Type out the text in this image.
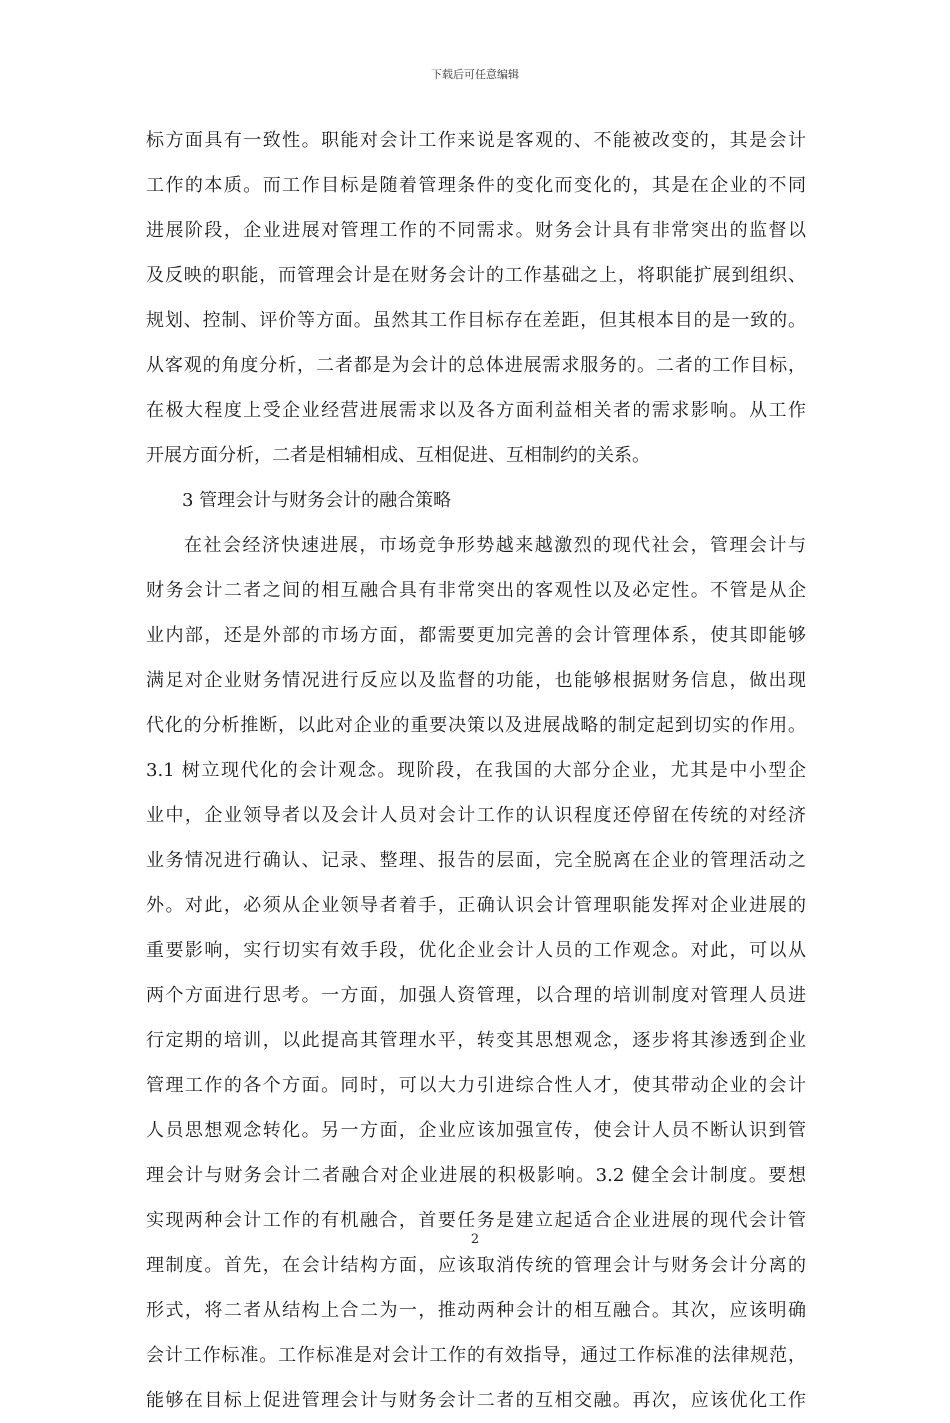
下载后可任意编辑
标方面具有一致性。职能对会计工作来说是客观的、不能被改变的，其是会计
工作的本质。而工作目标是随着管理条件的变化而变化的，其是在企业的不同
进展阶段，企业进展对管理工作的不同需求。财务会计具有非常突出的监督以
及反映的职能，而管理会计是在财务会计的工作基础之上，将职能扩展到组织、
规划、控制、评价等方面。虽然其工作目标存在差距，但其根本目的是一致的。
从客观的角度分析，二者都是为会计的总体进展需求服务的。二者的工作目标，
在极大程度上受企业经营进展需求以及各方面利益相关者的需求影响。从工作
开展方面分析，二者是相辅相成、互相促进、互相制约的关系。
3 管理会计与财务会计的融合策略
在社会经济快速进展，市场竞争形势越来越激烈的现代社会，管理会计与
财务会计二者之间的相互融合具有非常突出的客观性以及必定性。不管是从企
业内部，还是外部的市场方面，都需要更加完善的会计管理体系，使其即能够
满足对企业财务情况进行反应以及监督的功能，也能够根据财务信息，做出现
代化的分析推断，以此对企业的重要决策以及进展战略的制定起到切实的作用。
3.1 树立现代化的会计观念。现阶段，在我国的大部分企业，尤其是中小型企
业中，企业领导者以及会计人员对会计工作的认识程度还停留在传统的对经济
业务情况进行确认、记录、整理、报告的层面，完全脱离在企业的管理活动之
外。对此，必须从企业领导者着手，正确认识会计管理职能发挥对企业进展的
重要影响，实行切实有效手段，优化企业会计人员的工作观念。对此，可以从
两个方面进行思考。一方面，加强人资管理，以合理的培训制度对管理人员进
行定期的培训，以此提高其管理水平，转变其思想观念，逐步将其渗透到企业
管理工作的各个方面。同时，可以大力引进综合性人才，使其带动企业的会计
人员思想观念转化。另一方面，企业应该加强宣传，使会计人员不断认识到管
理会计与财务会计二者融合对企业进展的积极影响。3.2 健全会计制度。要想
实现两种会计工作的有机融合，首要任务是建立起适合企业进展的现代会计管
理制度。首先，在会计结构方面，应该取消传统的管理会计与财务会计分离的
形式，将二者从结构上合二为一，推动两种会计的相互融合。其次，应该明确
会计工作标准。工作标准是对会计工作的有效指导，通过工作标准的法律规范，
能够在目标上促进管理会计与财务会计二者的互相交融。再次，应该优化工作
2
